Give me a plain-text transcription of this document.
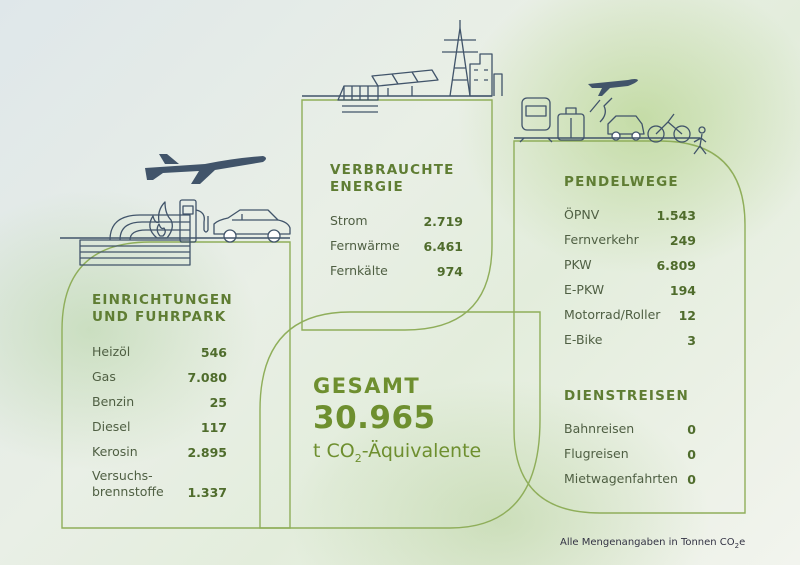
EINRICHTUNGEN
UND FUHRPARK

Heizöl	546
Gas	7.080
Benzin	25
Diesel	117
Kerosin	2.895
Versuchs-
brennstoffe 1.337

VERBRAUCHTE
ENERGIE

Strom	2.719
Fernwärme 6.461
Fernkälte	974

PENDELWEGE

ÖPNV	1.543
Fernverkehr 249
PKW	6.809
E-PKW	194
Motorrad/Roller 12
E-Bike	3

DIENSTREISEN

Bahnreisen	0
Flugreisen	0
Mietwagenfahrten 0
GESAMT
30.965
t $CO_2$-Äquivalente
Alle Mengenangaben in Tonnen $CO_2e$
